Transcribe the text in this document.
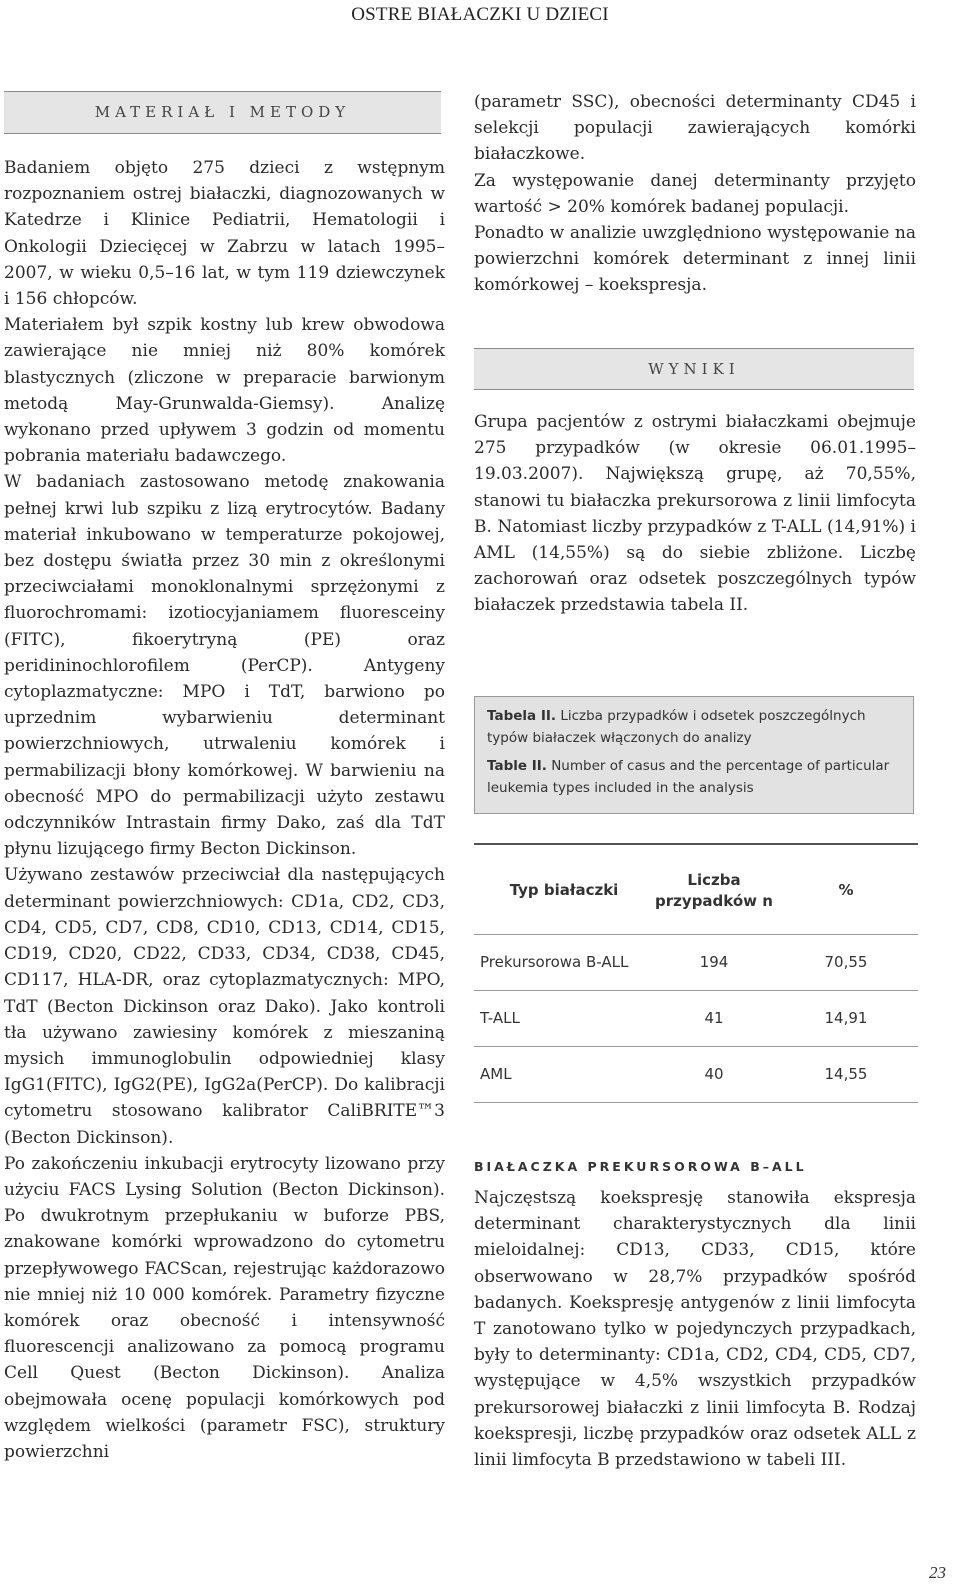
OSTRE BIAŁACZKI U DZIECI
MATERIAŁ I METODY

Badaniem objęto 275 dzieci z wstępnym rozpoznaniem ostrej białaczki, diagnozowanych w Katedrze i Klinice Pediatrii, Hematologii i Onkologii Dziecięcej w Zabrzu w latach 1995–2007, w wieku 0,5–16 lat, w tym 119 dziewczynek i 156 chłopców.

Materiałem był szpik kostny lub krew obwodowa zawierające nie mniej niż 80% komórek blastycznych (zliczone w preparacie barwionym metodą May-Grunwalda-Giemsy). Analizę wykonano przed upływem 3 godzin od momentu pobrania materiału badawczego.

W badaniach zastosowano metodę znakowania pełnej krwi lub szpiku z lizą erytrocytów. Badany materiał inkubowano w temperaturze pokojowej, bez dostępu światła przez 30 min z określonymi przeciwciałami monoklonalnymi sprzężonymi z fluorochromami: izotiocyjaniamem fluoresceiny (FITC), fikoerytryną (PE) oraz peridininochlorofilem (PerCP). Antygeny cytoplazmatyczne: MPO i TdT, barwiono po uprzednim wybarwieniu determinant powierzchniowych, utrwaleniu komórek i permabilizacji błony komórkowej. W barwieniu na obecność MPO do permabilizacji użyto zestawu odczynników Intrastain firmy Dako, zaś dla TdT płynu lizującego firmy Becton Dickinson.

Używano zestawów przeciwciał dla następujących determinant powierzchniowych: CD1a, CD2, CD3, CD4, CD5, CD7, CD8, CD10, CD13, CD14, CD15, CD19, CD20, CD22, CD33, CD34, CD38, CD45, CD117, HLA-DR, oraz cytoplazmatycznych: MPO, TdT (Becton Dickinson oraz Dako). Jako kontroli tła używano zawiesiny komórek z mieszaniną mysich immunoglobulin odpowiedniej klasy IgG1(FITC), IgG2(PE), IgG2a(PerCP). Do kalibracji cytometru stosowano kalibrator CaliBRITE™3 (Becton Dickinson).

Po zakończeniu inkubacji erytrocyty lizowano przy użyciu FACS Lysing Solution (Becton Dickinson). Po dwukrotnym przepłukaniu w buforze PBS, znakowane komórki wprowadzono do cytometru przepływowego FACScan, rejestrując każdorazowo nie mniej niż 10 000 komórek. Parametry fizyczne komórek oraz obecność i intensywność fluorescencji analizowano za pomocą programu Cell Quest (Becton Dickinson). Analiza obejmowała ocenę populacji komórkowych pod względem wielkości (parametr FSC), struktury powierzchni

(parametr SSC), obecności determinanty CD45 i selekcji populacji zawierających komórki białaczkowe.

Za występowanie danej determinanty przyjęto wartość > 20% komórek badanej populacji.

Ponadto w analizie uwzględniono występowanie na powierzchni komórek determinant z innej linii komórkowej – koekspresja.

WYNIKI

Grupa pacjentów z ostrymi białaczkami obejmuje 275 przypadków (w okresie 06.01.1995–19.03.2007). Największą grupę, aż 70,55%, stanowi tu białaczka prekursorowa z linii limfocyta B. Natomiast liczby przypadków z T-ALL (14,91%) i AML (14,55%) są do siebie zbliżone. Liczbę zachorowań oraz odsetek poszczególnych typów białaczek przedstawia tabela II.

Tabela II. Liczba przypadków i odsetek poszczególnych typów białaczek włączonych do analizy

Table II. Number of casus and the percentage of particular leukemia types included in the analysis

Typ białaczki	Liczba przypadków n	%
Prekursorowa B-ALL	194	70,55
T-ALL	41	14,91
AML	40	14,55
BIAŁACZKA PREKURSOROWA B–ALL

Najczęstszą koekspresję stanowiła ekspresja determinant charakterystycznych dla linii mieloidalnej: CD13, CD33, CD15, które obserwowano w 28,7% przypadków spośród badanych. Koekspresję antygenów z linii limfocyta T zanotowano tylko w pojedynczych przypadkach, były to determinanty: CD1a, CD2, CD4, CD5, CD7, występujące w 4,5% wszystkich przypadków prekursorowej białaczki z linii limfocyta B. Rodzaj koekspresji, liczbę przypadków oraz odsetek ALL z linii limfocyta B przedstawiono w tabeli III.

23
